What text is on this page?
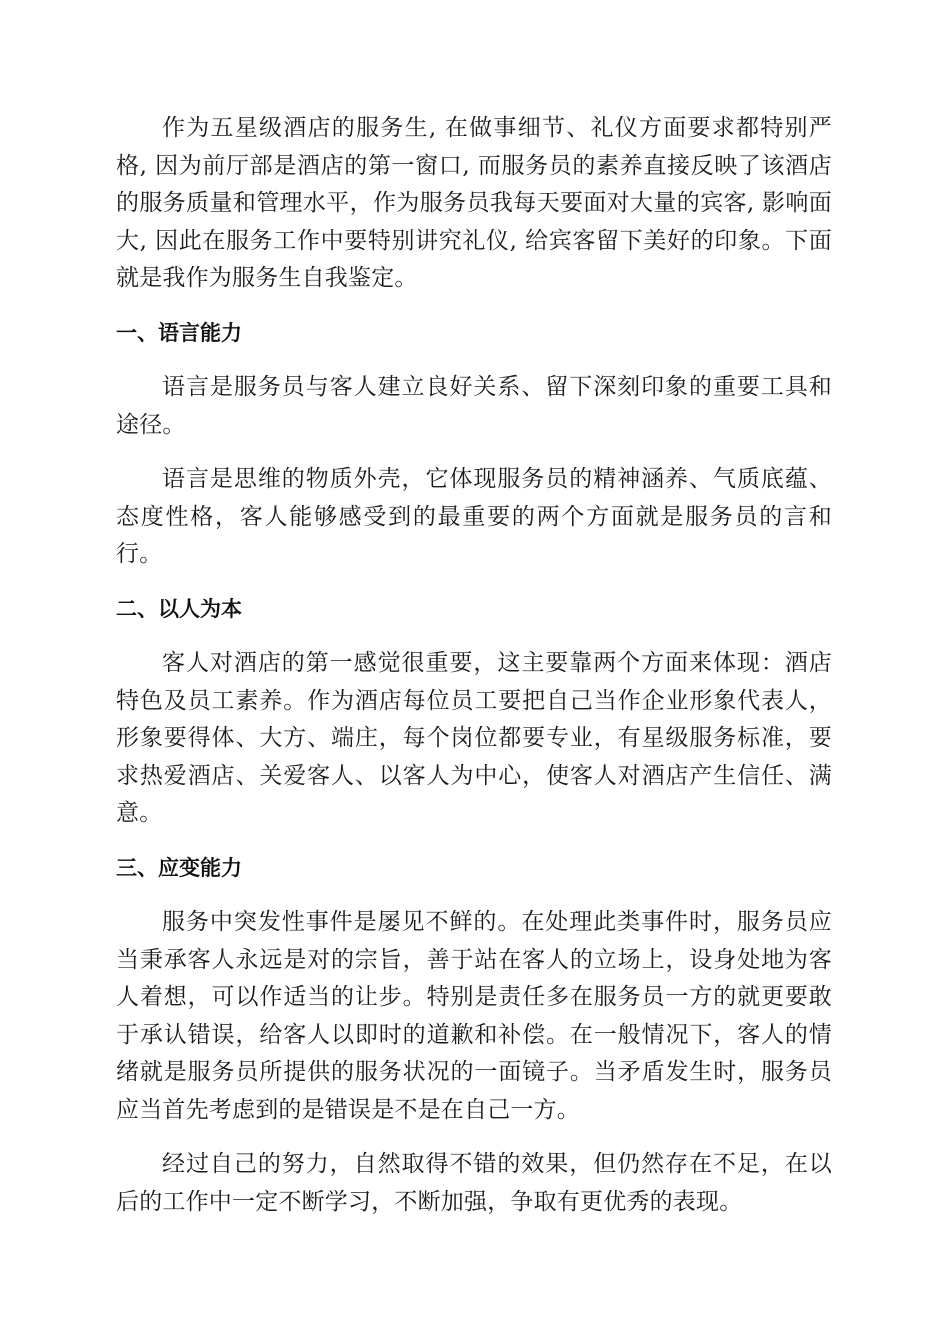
作为五星级酒店的服务生, 在做事细节、礼仪方面要求都特别严格, 因为前厅部是酒店的第一窗口, 而服务员的素养直接反映了该酒店的服务质量和管理水平，作为服务员我每天要面对大量的宾客, 影响面大, 因此在服务工作中要特别讲究礼仪, 给宾客留下美好的印象。下面就是我作为服务生自我鉴定。

一、语言能力

语言是服务员与客人建立良好关系、留下深刻印象的重要工具和途径。

语言是思维的物质外壳，它体现服务员的精神涵养、气质底蕴、态度性格，客人能够感受到的最重要的两个方面就是服务员的言和行。

二、以人为本

客人对酒店的第一感觉很重要，这主要靠两个方面来体现：酒店特色及员工素养。作为酒店每位员工要把自己当作企业形象代表人，形象要得体、大方、端庄，每个岗位都要专业，有星级服务标准，要求热爱酒店、关爱客人、以客人为中心，使客人对酒店产生信任、满意。

三、应变能力

服务中突发性事件是屡见不鲜的。在处理此类事件时，服务员应当秉承客人永远是对的宗旨，善于站在客人的立场上，设身处地为客人着想，可以作适当的让步。特别是责任多在服务员一方的就更要敢于承认错误，给客人以即时的道歉和补偿。在一般情况下，客人的情绪就是服务员所提供的服务状况的一面镜子。当矛盾发生时，服务员应当首先考虑到的是错误是不是在自己一方。

经过自己的努力，自然取得不错的效果，但仍然存在不足，在以后的工作中一定不断学习，不断加强，争取有更优秀的表现。
